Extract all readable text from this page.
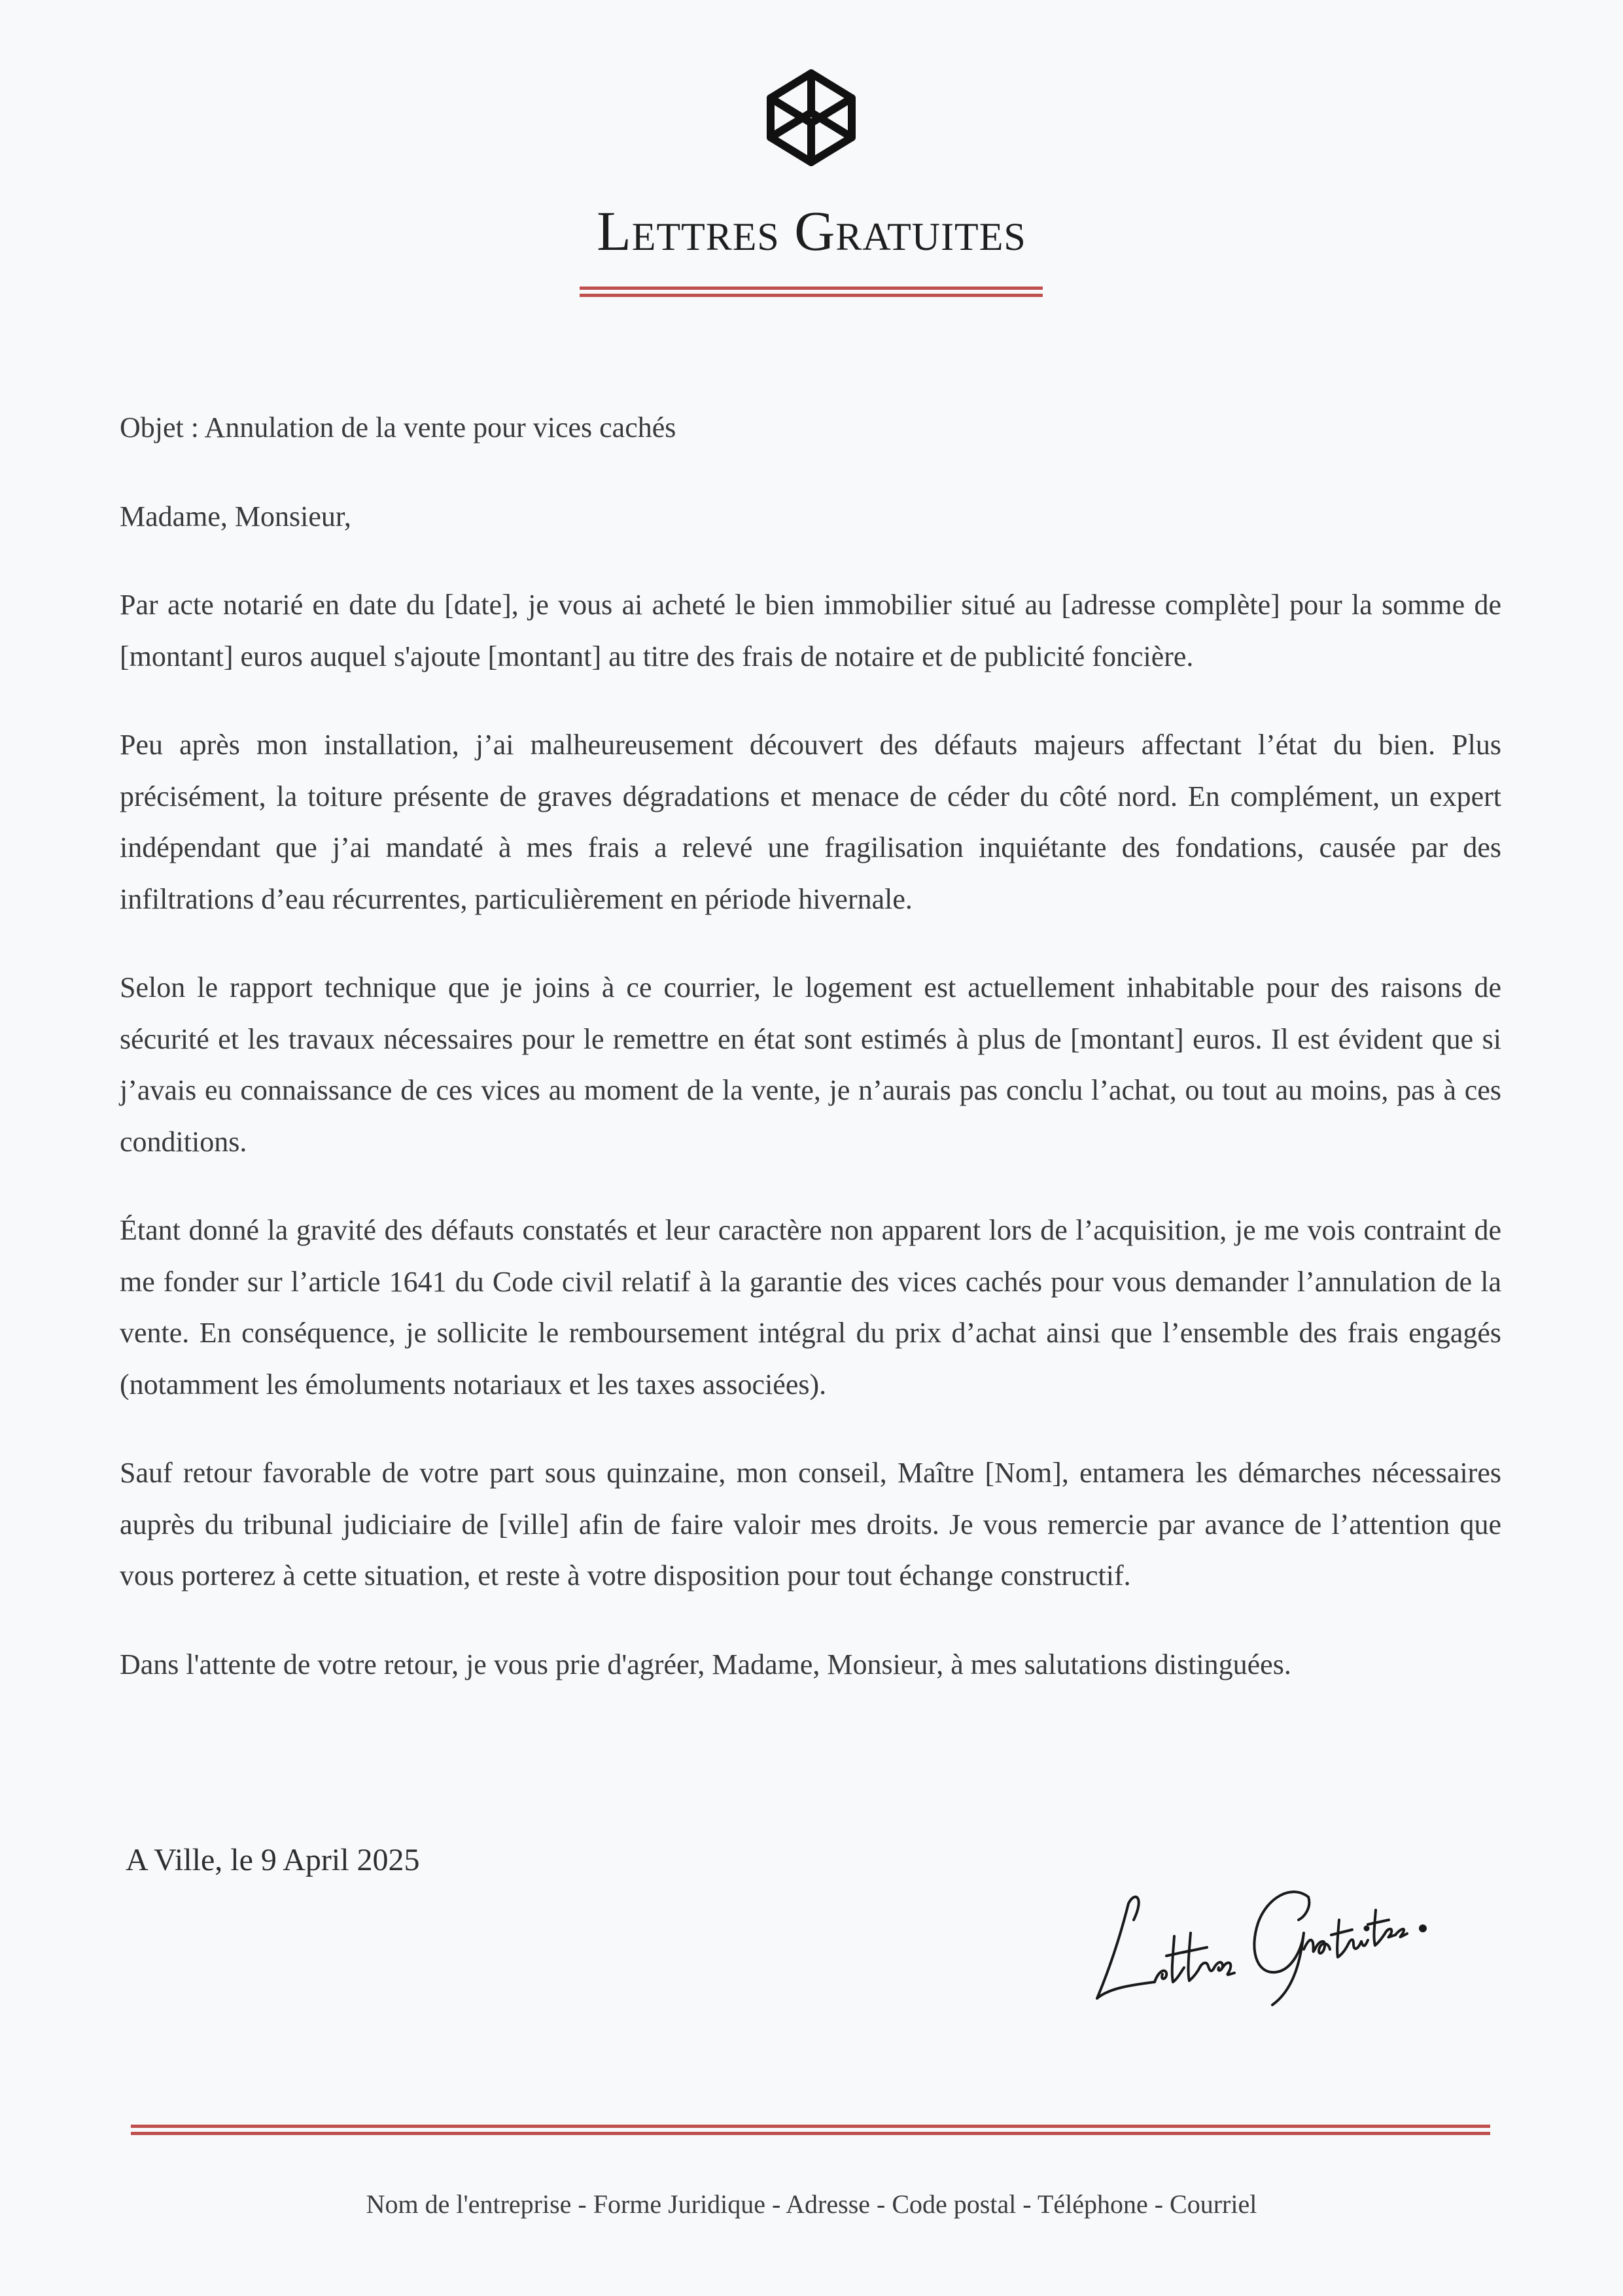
Lettres Gratuites

Objet : Annulation de la vente pour vices cachés

Madame, Monsieur,

Par acte notarié en date du [date], je vous ai acheté le bien immobilier situé au [adresse complète] pour la somme de [montant] euros auquel s'ajoute [montant] au titre des frais de notaire et de publicité foncière.

Peu après mon installation, j’ai malheureusement découvert des défauts majeurs affectant l’état du bien. Plus précisément, la toiture présente de graves dégradations et menace de céder du côté nord. En complément, un expert indépendant que j’ai mandaté à mes frais a relevé une fragilisation inquiétante des fondations, causée par des infiltrations d’eau récurrentes, particulièrement en période hivernale.

Selon le rapport technique que je joins à ce courrier, le logement est actuellement inhabitable pour des raisons de sécurité et les travaux nécessaires pour le remettre en état sont estimés à plus de [montant] euros. Il est évident que si j’avais eu connaissance de ces vices au moment de la vente, je n’aurais pas conclu l’achat, ou tout au moins, pas à ces conditions.

Étant donné la gravité des défauts constatés et leur caractère non apparent lors de l’acquisition, je me vois contraint de me fonder sur l’article 1641 du Code civil relatif à la garantie des vices cachés pour vous demander l’annulation de la vente. En conséquence, je sollicite le remboursement intégral du prix d’achat ainsi que l’ensemble des frais engagés (notamment les émoluments notariaux et les taxes associées).

Sauf retour favorable de votre part sous quinzaine, mon conseil, Maître [Nom], entamera les démarches nécessaires auprès du tribunal judiciaire de [ville] afin de faire valoir mes droits. Je vous remercie par avance de l’attention que vous porterez à cette situation, et reste à votre disposition pour tout échange constructif.

Dans l'attente de votre retour, je vous prie d'agréer, Madame, Monsieur, à mes salutations distinguées.

A Ville, le 9 April 2025
Nom de l'entreprise - Forme Juridique - Adresse - Code postal - Téléphone - Courriel
